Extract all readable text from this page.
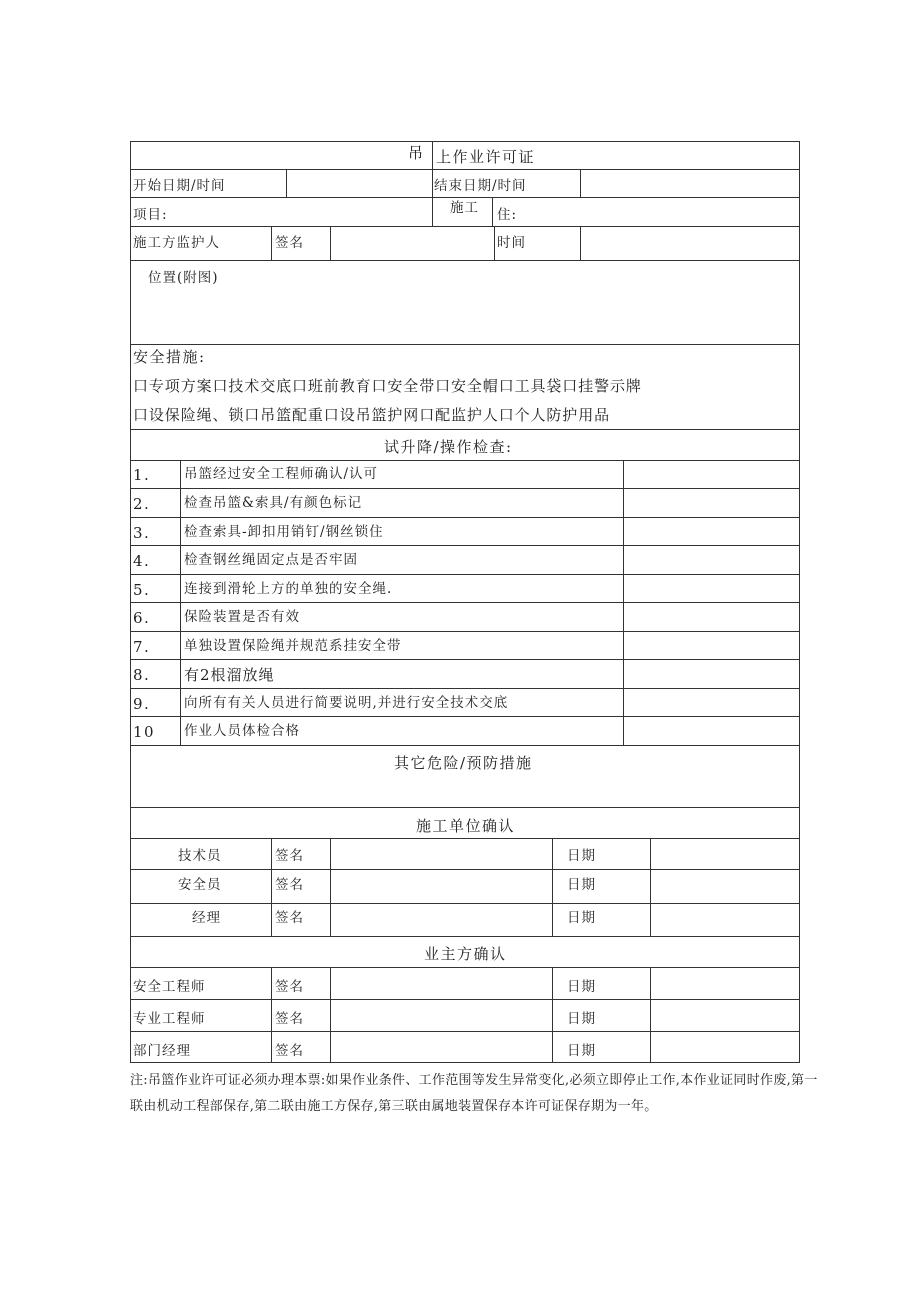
吊 上作业许可证
开始日期/时间	结束日期/时间
项目:	施工 住:
施工方监护人	签名	时间
位置(附图)
安全措施:
口专项方案口技术交底口班前教育口安全带口安全帽口工具袋口挂警示牌
口设保险绳、锁口吊篮配重口设吊篮护网口配监护人口个人防护用品
试升降/操作检查:
1. 吊篮经过安全工程师确认/认可
2. 检查吊篮&索具/有颜色标记
3. 检查索具-卸扣用销钉/钢丝锁住
4. 检查钢丝绳固定点是否牢固
5. 连接到滑轮上方的单独的安全绳.
6. 保险装置是否有效
7. 单独设置保险绳并规范系挂安全带
8. 有2根溜放绳
9. 向所有有关人员进行简要说明,并进行安全技术交底
10 作业人员体检合格
其它危险/预防措施
施工单位确认
技术员	签名	日期
安全员	签名	日期
经理	签名	日期
业主方确认
安全工程师	签名	日期
专业工程师	签名	日期
部门经理	签名	日期
注:吊篮作业许可证必须办理本票:如果作业条件、工作范围等发生异常变化,必须立即停止工作,本作业证同时作废,第一联由机动工程部保存,第二联由施工方保存,第三联由属地装置保存本许可证保存期为一年。
